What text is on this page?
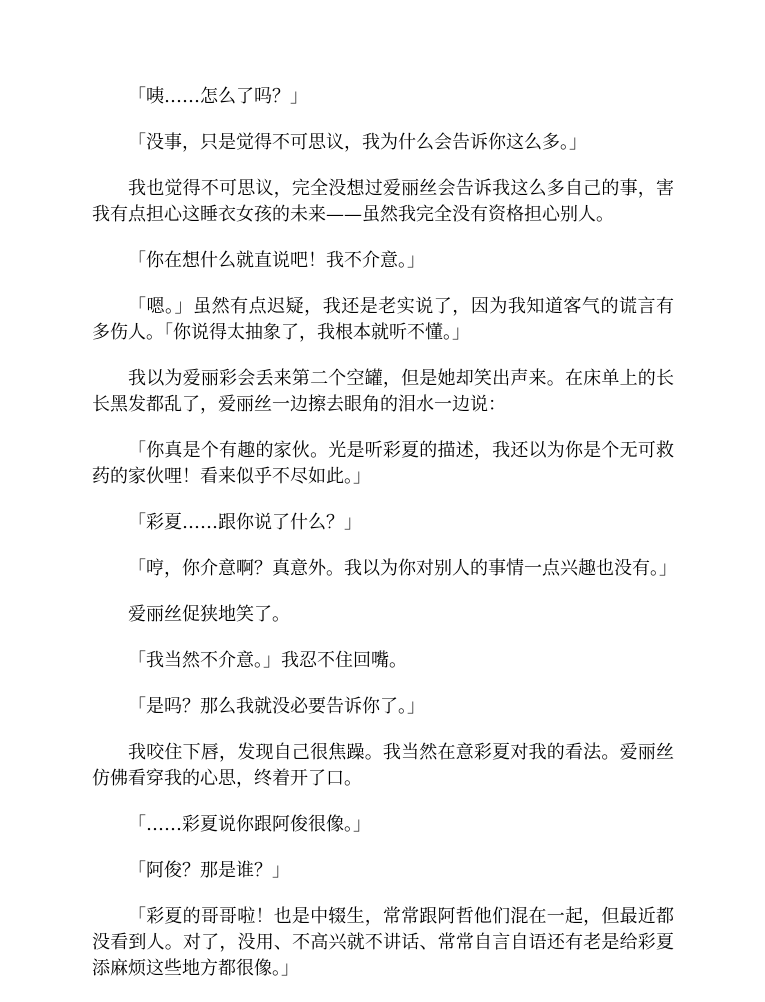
「咦……怎么了吗？」

「没事，只是觉得不可思议，我为什么会告诉你这么多。」

我也觉得不可思议，完全没想过爱丽丝会告诉我这么多自己的事，害我有点担心这睡衣女孩的未来——虽然我完全没有资格担心别人。

「你在想什么就直说吧！我不介意。」

「嗯。」虽然有点迟疑，我还是老实说了，因为我知道客气的谎言有多伤人。「你说得太抽象了，我根本就听不懂。」

我以为爱丽彩会丢来第二个空罐，但是她却笑出声来。在床单上的长长黑发都乱了，爱丽丝一边擦去眼角的泪水一边说：

「你真是个有趣的家伙。光是听彩夏的描述，我还以为你是个无可救药的家伙哩！看来似乎不尽如此。」

「彩夏……跟你说了什么？」

「哼，你介意啊？真意外。我以为你对别人的事情一点兴趣也没有。」

爱丽丝促狭地笑了。

「我当然不介意。」我忍不住回嘴。

「是吗？那么我就没必要告诉你了。」

我咬住下唇，发现自己很焦躁。我当然在意彩夏对我的看法。爱丽丝仿佛看穿我的心思，终着开了口。

「……彩夏说你跟阿俊很像。」

「阿俊？那是谁？」

「彩夏的哥哥啦！也是中辍生，常常跟阿哲他们混在一起，但最近都没看到人。对了，没用、不高兴就不讲话、常常自言自语还有老是给彩夏添麻烦这些地方都很像。」
